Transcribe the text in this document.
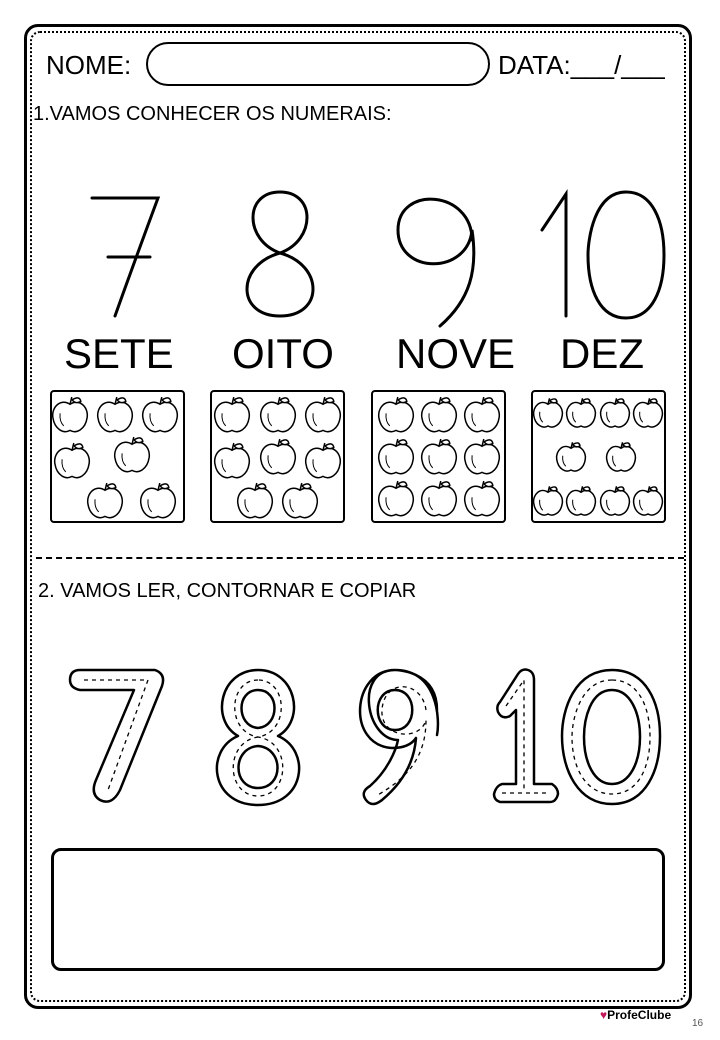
NOME:	DATA:___/___
1.VAMOS CONHECER OS NUMERAIS:
SETE OITO NOVE DEZ
2. VAMOS LER, CONTORNAR E COPIAR
♥ProfeClube
16
